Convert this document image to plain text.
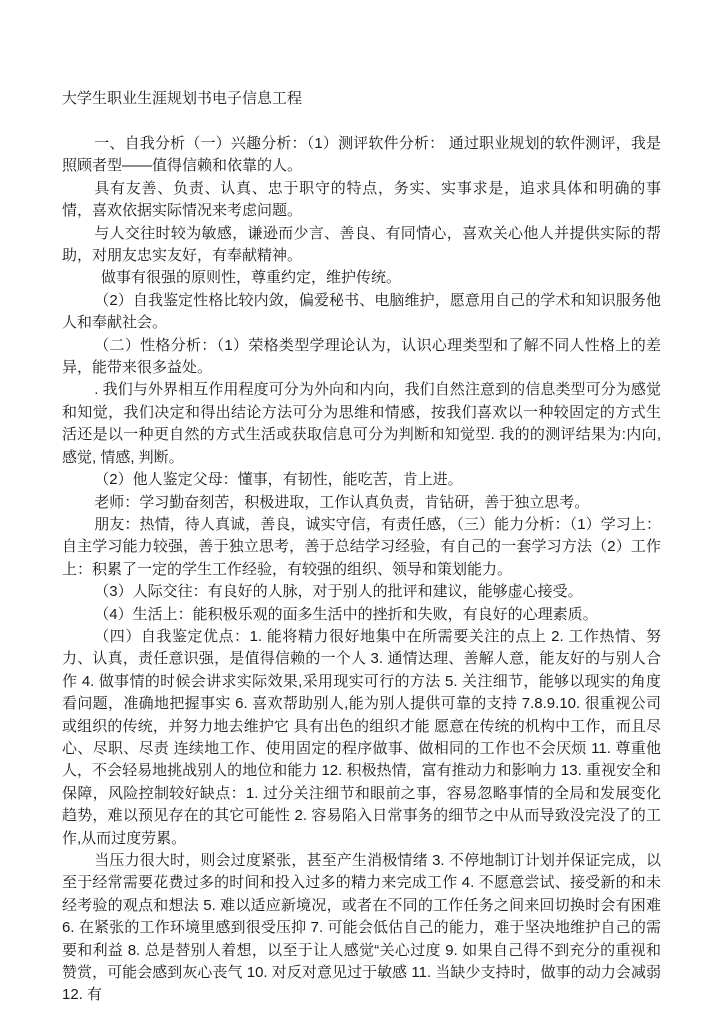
大学生职业生涯规划书电子信息工程

一、自我分析（一）兴趣分析：（1）测评软件分析： 通过职业规划的软件测评，我是照顾者型——值得信赖和依靠的人。

具有友善、负责、认真、忠于职守的特点，务实、实事求是，追求具体和明确的事情，喜欢依据实际情况来考虑问题。

与人交往时较为敏感，谦逊而少言、善良、有同情心，喜欢关心他人并提供实际的帮助，对朋友忠实友好，有奉献精神。

做事有很强的原则性，尊重约定，维护传统。

（2）自我鉴定性格比较内敛，偏爱秘书、电脑维护，愿意用自己的学术和知识服务他人和奉献社会。

（二）性格分析：（1）荣格类型学理论认为，认识心理类型和了解不同人性格上的差异，能带来很多益处。

. 我们与外界相互作用程度可分为外向和内向，我们自然注意到的信息类型可分为感觉和知觉，我们决定和得出结论方法可分为思维和情感，按我们喜欢以一种较固定的方式生活还是以一种更自然的方式生活或获取信息可分为判断和知觉型. 我的的测评结果为:内向, 感觉, 情感, 判断。

（2）他人鉴定父母：懂事，有韧性，能吃苦，肯上进。

老师：学习勤奋刻苦，积极进取，工作认真负责，肯钻研，善于独立思考。

朋友：热情，待人真诚，善良，诚实守信，有责任感，（三）能力分析：（1）学习上：自主学习能力较强，善于独立思考，善于总结学习经验，有自己的一套学习方法（2）工作上：积累了一定的学生工作经验，有较强的组织、领导和策划能力。

（3）人际交往：有良好的人脉，对于别人的批评和建议，能够虚心接受。

（4）生活上：能积极乐观的面多生活中的挫折和失败，有良好的心理素质。

（四）自我鉴定优点：1. 能将精力很好地集中在所需要关注的点上 2. 工作热情、努力、认真，责任意识强，是值得信赖的一个人 3. 通情达理、善解人意，能友好的与别人合作 4. 做事情的时候会讲求实际效果,采用现实可行的方法 5. 关注细节，能够以现实的角度看问题，准确地把握事实 6. 喜欢帮助别人,能为别人提供可靠的支持 7.8.9.10. 很重视公司或组织的传统，并努力地去维护它 具有出色的组织才能 愿意在传统的机构中工作，而且尽心、尽职、尽责 连续地工作、使用固定的程序做事、做相同的工作也不会厌烦 11. 尊重他人，不会轻易地挑战别人的地位和能力 12. 积极热情，富有推动力和影响力 13. 重视安全和保障，风险控制较好缺点：1. 过分关注细节和眼前之事，容易忽略事情的全局和发展变化趋势，难以预见存在的其它可能性 2. 容易陷入日常事务的细节之中从而导致没完没了的工作,从而过度劳累。

当压力很大时，则会过度紧张，甚至产生消极情绪 3. 不停地制订计划并保证完成，以至于经常需要花费过多的时间和投入过多的精力来完成工作 4. 不愿意尝试、接受新的和未经考验的观点和想法 5. 难以适应新境况，或者在不同的工作任务之间来回切换时会有困难 6. 在紧张的工作环境里感到很受压抑 7. 可能会低估自己的能力，难于坚决地维护自己的需要和利益 8. 总是替别人着想，以至于让人感觉“关心过度 9. 如果自己得不到充分的重视和赞赏，可能会感到灰心丧气 10. 对反对意见过于敏感 11. 当缺少支持时，做事的动力会减弱 12. 有
